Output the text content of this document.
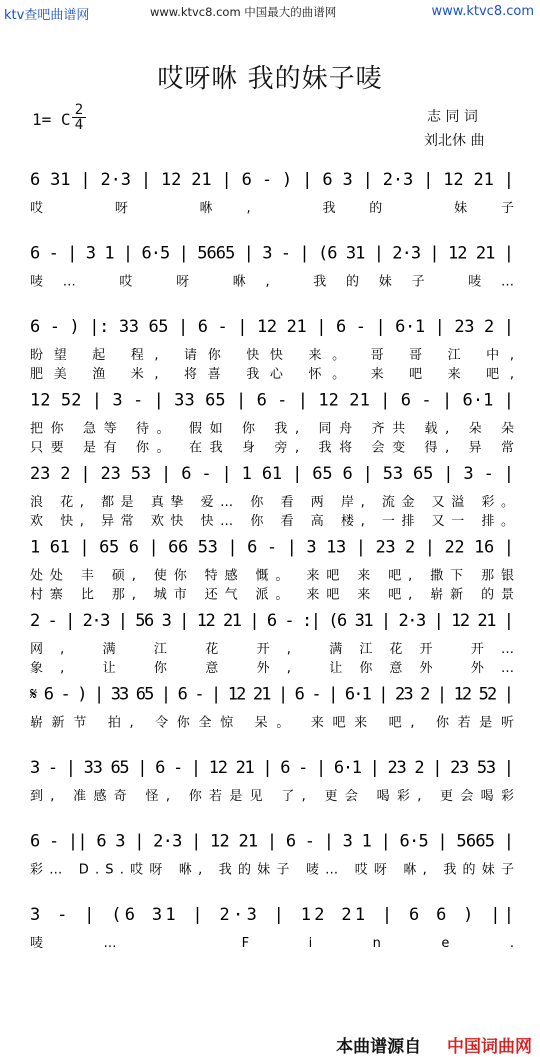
ktv查吧曲谱网	www.ktvc8.com 中国最大的曲谱网	www.ktvc8.com
哎呀咻 我的妹子唛
1= C $\frac{2}{4}$	志 同 词
刘北休 曲
6 31 | 2·3 | 12 21 | 6 - ) | 6 3 | 2·3 | 12 21 |
哎 呀 咻, 我的 妹子
6 - | 3 1 | 6·5 | 5665 | 3 - | (6 31 | 2·3 | 12 21 |
唛… 哎 呀 咻, 我的妹子 唛…
6 - ) |: 33 65 | 6 - | 12 21 | 6 - | 6·1 | 23 2 |
盼望 起 程, 请你 快快 来。 哥 哥 江 中,
肥美 渔 米, 将喜 我心 怀。 来 吧 来 吧,
12 52 | 3 - | 33 65 | 6 - | 12 21 | 6 - | 6·1 |
把你 急等 待。 假如 你 我, 同舟 齐共 载, 朵 朵
只要 是有 你。 在我 身 旁, 我将 会变 得, 异 常
23 2 | 23 53 | 6 - | 1 61 | 65 6 | 53 65 | 3 - |
浪 花, 都是 真挚 爱… 你 看 两 岸, 流金 又溢 彩。
欢 快, 异常 欢快 快… 你 看 高 楼, 一排 又一 排。
1 61 | 65 6 | 66 53 | 6 - | 3 13 | 23 2 | 22 16 |
处处 丰 硕, 使你 特感 慨。 来吧 来 吧, 撒下 那银
村寨 比 那, 城市 还气 派。 来吧 来 吧, 崭新 的景
2 - | 2·3 | 56 3 | 12 21 | 6 - :| (6 31 | 2·3 | 12 21 |
网, 满 江 花 开, 满江花开 开…
象, 让 你 意 外, 让你意外 外…
𝄋 6 - ) | 33 65 | 6 - | 12 21 | 6 - | 6·1 | 23 2 | 12 52 |
崭新节 拍, 令你全惊 呆。 来吧来 吧, 你若是听
3 - | 33 65 | 6 - | 12 21 | 6 - | 6·1 | 23 2 | 23 53 |
到, 准感奇 怪, 你若是见 了, 更会 喝彩, 更会喝彩
6 - || 6 3 | 2·3 | 12 21 | 6 - | 3 1 | 6·5 | 5665 |
彩… D.S.哎呀 咻, 我的妹子 唛… 哎呀 咻, 我的妹子
3 - | (6 31 | 2·3 | 12 21 | 6 6 ) ||
唛… Fine.
本曲谱源自 中国词曲网
